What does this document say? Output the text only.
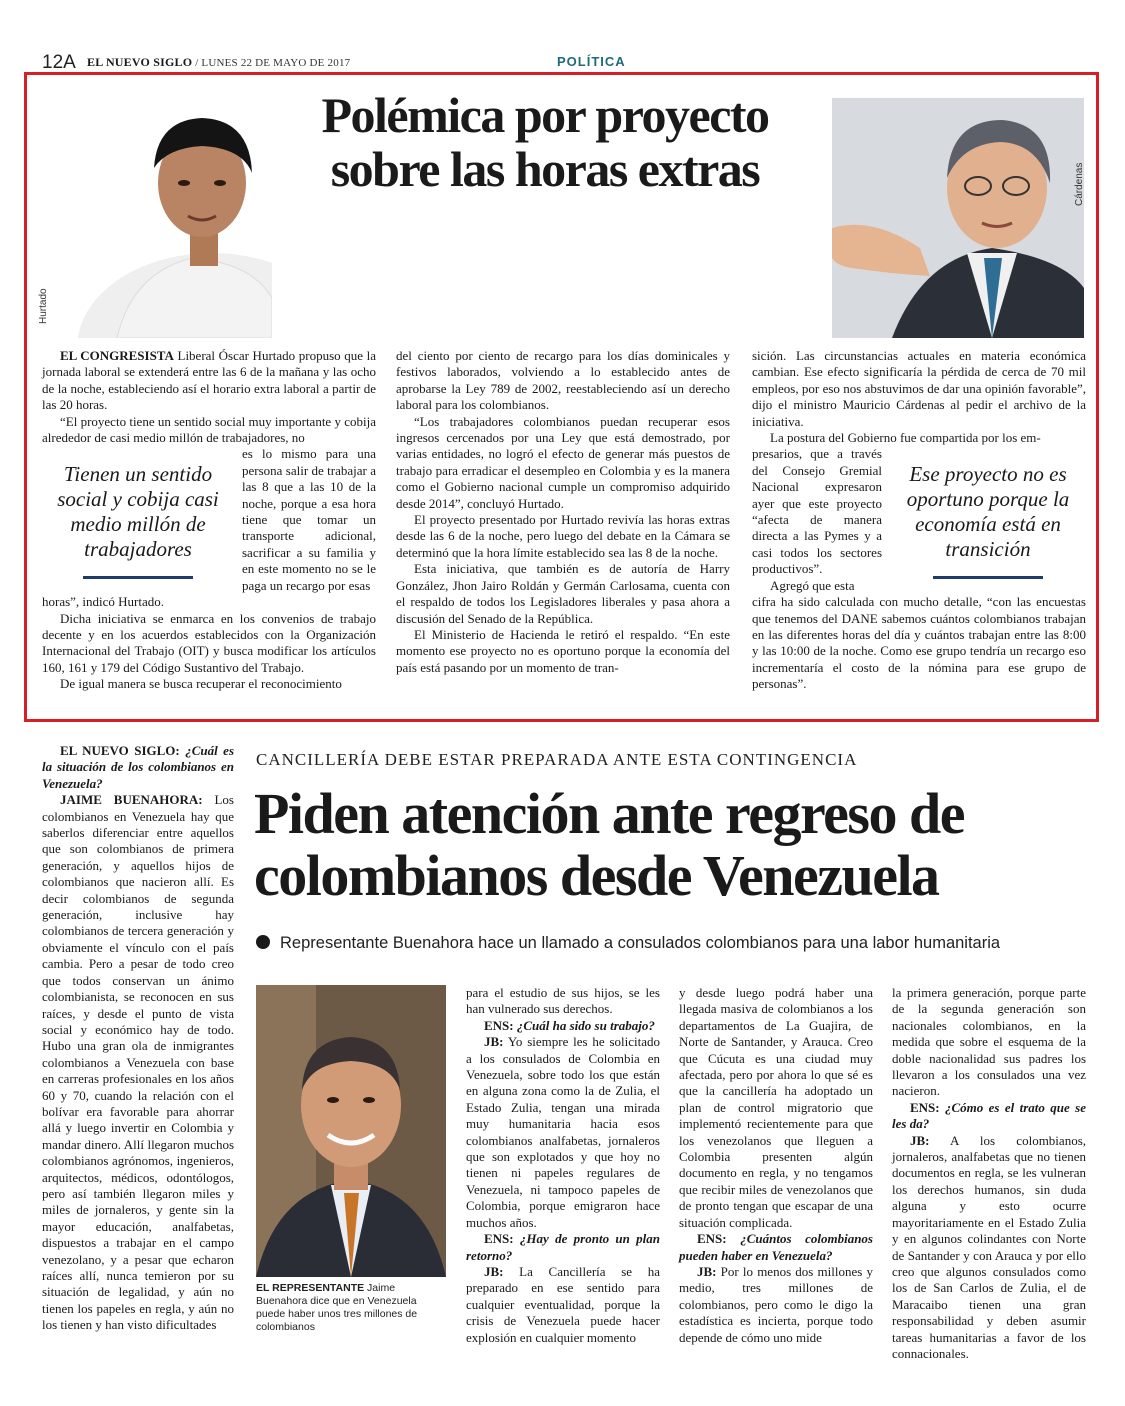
12A EL NUEVO SIGLO / LUNES 22 DE MAYO DE 2017	POLÍTICA
Hurtado
Polémica por proyecto sobre las horas extras	Cárdenas

EL CONGRESISTA Liberal Óscar Hurtado propuso que la jornada laboral se extenderá entre las 6 de la mañana y las ocho de la noche, estableciendo así el horario extra laboral a partir de las 20 horas.

“El proyecto tiene un sentido social muy importante y cobija alrededor de casi medio millón de trabajadores, no

es lo mismo para una persona salir de trabajar a las 8 que a las 10 de la noche, porque a esa hora tiene que tomar un transporte adicional, sacrificar a su familia y en este momento no se le paga un recargo por esas

horas”, indicó Hurtado.

Dicha iniciativa se enmarca en los convenios de trabajo decente y en los acuerdos establecidos con la Organización Internacional del Trabajo (OIT) y busca modificar los artículos 160, 161 y 179 del Código Sustantivo del Trabajo.

De igual manera se busca recuperar el reconocimiento

Tienen un sentido social y cobija casi medio millón de trabajadores

del ciento por ciento de recargo para los días dominicales y festivos laborados, volviendo a lo establecido antes de aprobarse la Ley 789 de 2002, reestableciendo así un derecho laboral para los colombianos.

“Los trabajadores colombianos puedan recuperar esos ingresos cercenados por una Ley que está demostrado, por varias entidades, no logró el efecto de generar más puestos de trabajo para erradicar el desempleo en Colombia y es la manera como el Gobierno nacional cumple un compromiso adquirido desde 2014”, concluyó Hurtado.

El proyecto presentado por Hurtado revivía las horas extras desde las 6 de la noche, pero luego del debate en la Cámara se determinó que la hora límite establecido sea las 8 de la noche.

Esta iniciativa, que también es de autoría de Harry González, Jhon Jairo Roldán y Germán Carlosama, cuenta con el respaldo de todos los Legisladores liberales y pasa ahora a discusión del Senado de la República.

El Ministerio de Hacienda le retiró el respaldo. “En este momento ese proyecto no es oportuno porque la economía del país está pasando por un momento de tran-

sición. Las circunstancias actuales en materia económica cambian. Ese efecto significaría la pérdida de cerca de 70 mil empleos, por eso nos abstuvimos de dar una opinión favorable”, dijo el ministro Mauricio Cárdenas al pedir el archivo de la iniciativa.

La postura del Gobierno fue compartida por los em-

presarios, que a través del Consejo Gremial Nacional expresaron ayer que este proyecto “afecta de manera directa a las Pymes y a casi todos los sectores productivos”.
Agregó que esta

cifra ha sido calculada con mucho detalle, “con las encuestas que tenemos del DANE sabemos cuántos colombianos trabajan en las diferentes horas del día y cuántos trabajan entre las 8:00 y las 10:00 de la noche. Como ese grupo tendría un recargo eso incrementaría el costo de la nómina para ese grupo de personas”.

Ese proyecto no es oportuno porque la economía está en transición
CANCILLERÍA DEBE ESTAR PREPARADA ANTE ESTA CONTINGENCIA
Piden atención ante regreso de colombianos desde Venezuela
Representante Buenahora hace un llamado a consulados colombianos para una labor humanitaria

EL NUEVO SIGLO: ¿Cuál es la situación de los colombianos en Venezuela?

JAIME BUENAHORA: Los colombianos en Venezuela hay que saberlos diferenciar entre aquellos que son colombianos de primera generación, y aquellos hijos de colombianos que nacieron allí. Es decir colombianos de segunda generación, inclusive hay colombianos de tercera generación y obviamente el vínculo con el país cambia. Pero a pesar de todo creo que todos conservan un ánimo colombianista, se reconocen en sus raíces, y desde el punto de vista social y económico hay de todo. Hubo una gran ola de inmigrantes colombianos a Venezuela con base en carreras profesionales en los años 60 y 70, cuando la relación con el bolívar era favorable para ahorrar allá y luego invertir en Colombia y mandar dinero. Allí llegaron muchos colombianos agrónomos, ingenieros, arquitectos, médicos, odontólogos, pero así también llegaron miles y miles de jornaleros, y gente sin la mayor educación, analfabetas, dispuestos a trabajar en el campo venezolano, y a pesar que echaron raíces allí, nunca temieron por su situación de legalidad, y aún no tienen los papeles en regla, y aún no los tienen y han visto dificultades

EL REPRESENTANTE Jaime Buenahora dice que en Venezuela puede haber unos tres millones de colombianos

para el estudio de sus hijos, se les han vulnerado sus derechos.

ENS: ¿Cuál ha sido su trabajo?

JB: Yo siempre les he solicitado a los consulados de Colombia en Venezuela, sobre todo los que están en alguna zona como la de Zulia, el Estado Zulia, tengan una mirada muy humanitaria hacia esos colombianos analfabetas, jornaleros que son explotados y que hoy no tienen ni papeles regulares de Venezuela, ni tampoco papeles de Colombia, porque emigraron hace muchos años.

ENS: ¿Hay de pronto un plan retorno?

JB: La Cancillería se ha preparado en ese sentido para cualquier eventualidad, porque la crisis de Venezuela puede hacer explosión en cualquier momento

y desde luego podrá haber una llegada masiva de colombianos a los departamentos de La Guajira, de Norte de Santander, y Arauca. Creo que Cúcuta es una ciudad muy afectada, pero por ahora lo que sé es que la cancillería ha adoptado un plan de control migratorio que implementó recientemente para que los venezolanos que lleguen a Colombia presenten algún documento en regla, y no tengamos que recibir miles de venezolanos que de pronto tengan que escapar de una situación complicada.

ENS: ¿Cuántos colombianos pueden haber en Venezuela?

JB: Por lo menos dos millones y medio, tres millones de colombianos, pero como le digo la estadística es incierta, porque todo depende de cómo uno mide

la primera generación, porque parte de la segunda generación son nacionales colombianos, en la medida que sobre el esquema de la doble nacionalidad sus padres los llevaron a los consulados una vez nacieron.

ENS: ¿Cómo es el trato que se les da?

JB: A los colombianos, jornaleros, analfabetas que no tienen documentos en regla, se les vulneran los derechos humanos, sin duda alguna y esto ocurre mayoritariamente en el Estado Zulia y en algunos colindantes con Norte de Santander y con Arauca y por ello creo que algunos consulados como los de San Carlos de Zulia, el de Maracaibo tienen una gran responsabilidad y deben asumir tareas humanitarias a favor de los connacionales.
